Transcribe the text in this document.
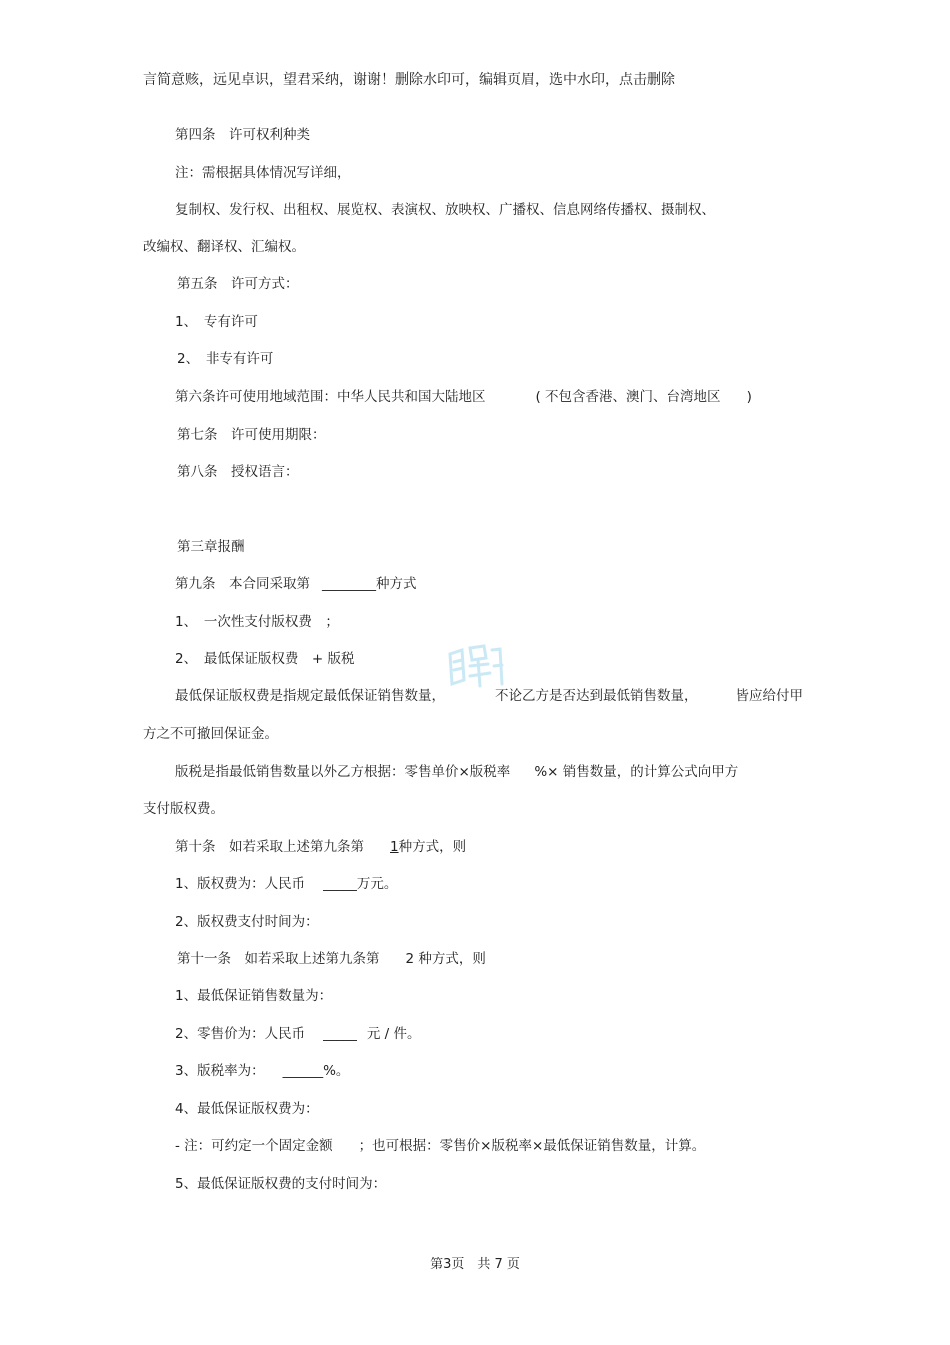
言简意赅，远见卓识，望君采纳，谢谢！删除水印可，编辑页眉，选中水印，点击删除
第四条　许可权利种类
注：需根据具体情况写详细，
复制权、发行权、出租权、展览权、表演权、放映权、广播权、信息网络传播权、摄制权、
改编权、翻译权、汇编权。
第五条　许可方式：
1、　专有许可
2、　非专有许可
第六条许可使用地域范围：中华人民共和国大陆地区	( 不包含香港、澳门、台湾地区 )
第七条　许可使用期限：
第八条　授权语言：
第三章报酬
第九条　本合同采取第 ________种方式
1、　一次性支付版权费　；
2、　最低保证版权费　+ 版税
最低保证版权费是指规定最低保证销售数量，	不论乙方是否达到最低销售数量，	皆应给付甲
方之不可撤回保证金。
版税是指最低销售数量以外乙方根据：零售单价×版税率 %× 销售数量，的计算公式向甲方
支付版权费。
第十条　如若采取上述第九条第 1种方式，则
1、版权费为：人民币 _____万元。
2、版权费支付时间为：
第十一条　如若采取上述第九条第 2 种方式，则
1、最低保证销售数量为：
2、零售价为：人民币 _____ 元 / 件。
3、版税率为： ______%。
4、最低保证版权费为：
- 注：可约定一个固定金额 ；也可根据：零售价×版税率×最低保证销售数量，计算。
5、最低保证版权费的支付时间为：
第3页　共 7 页
